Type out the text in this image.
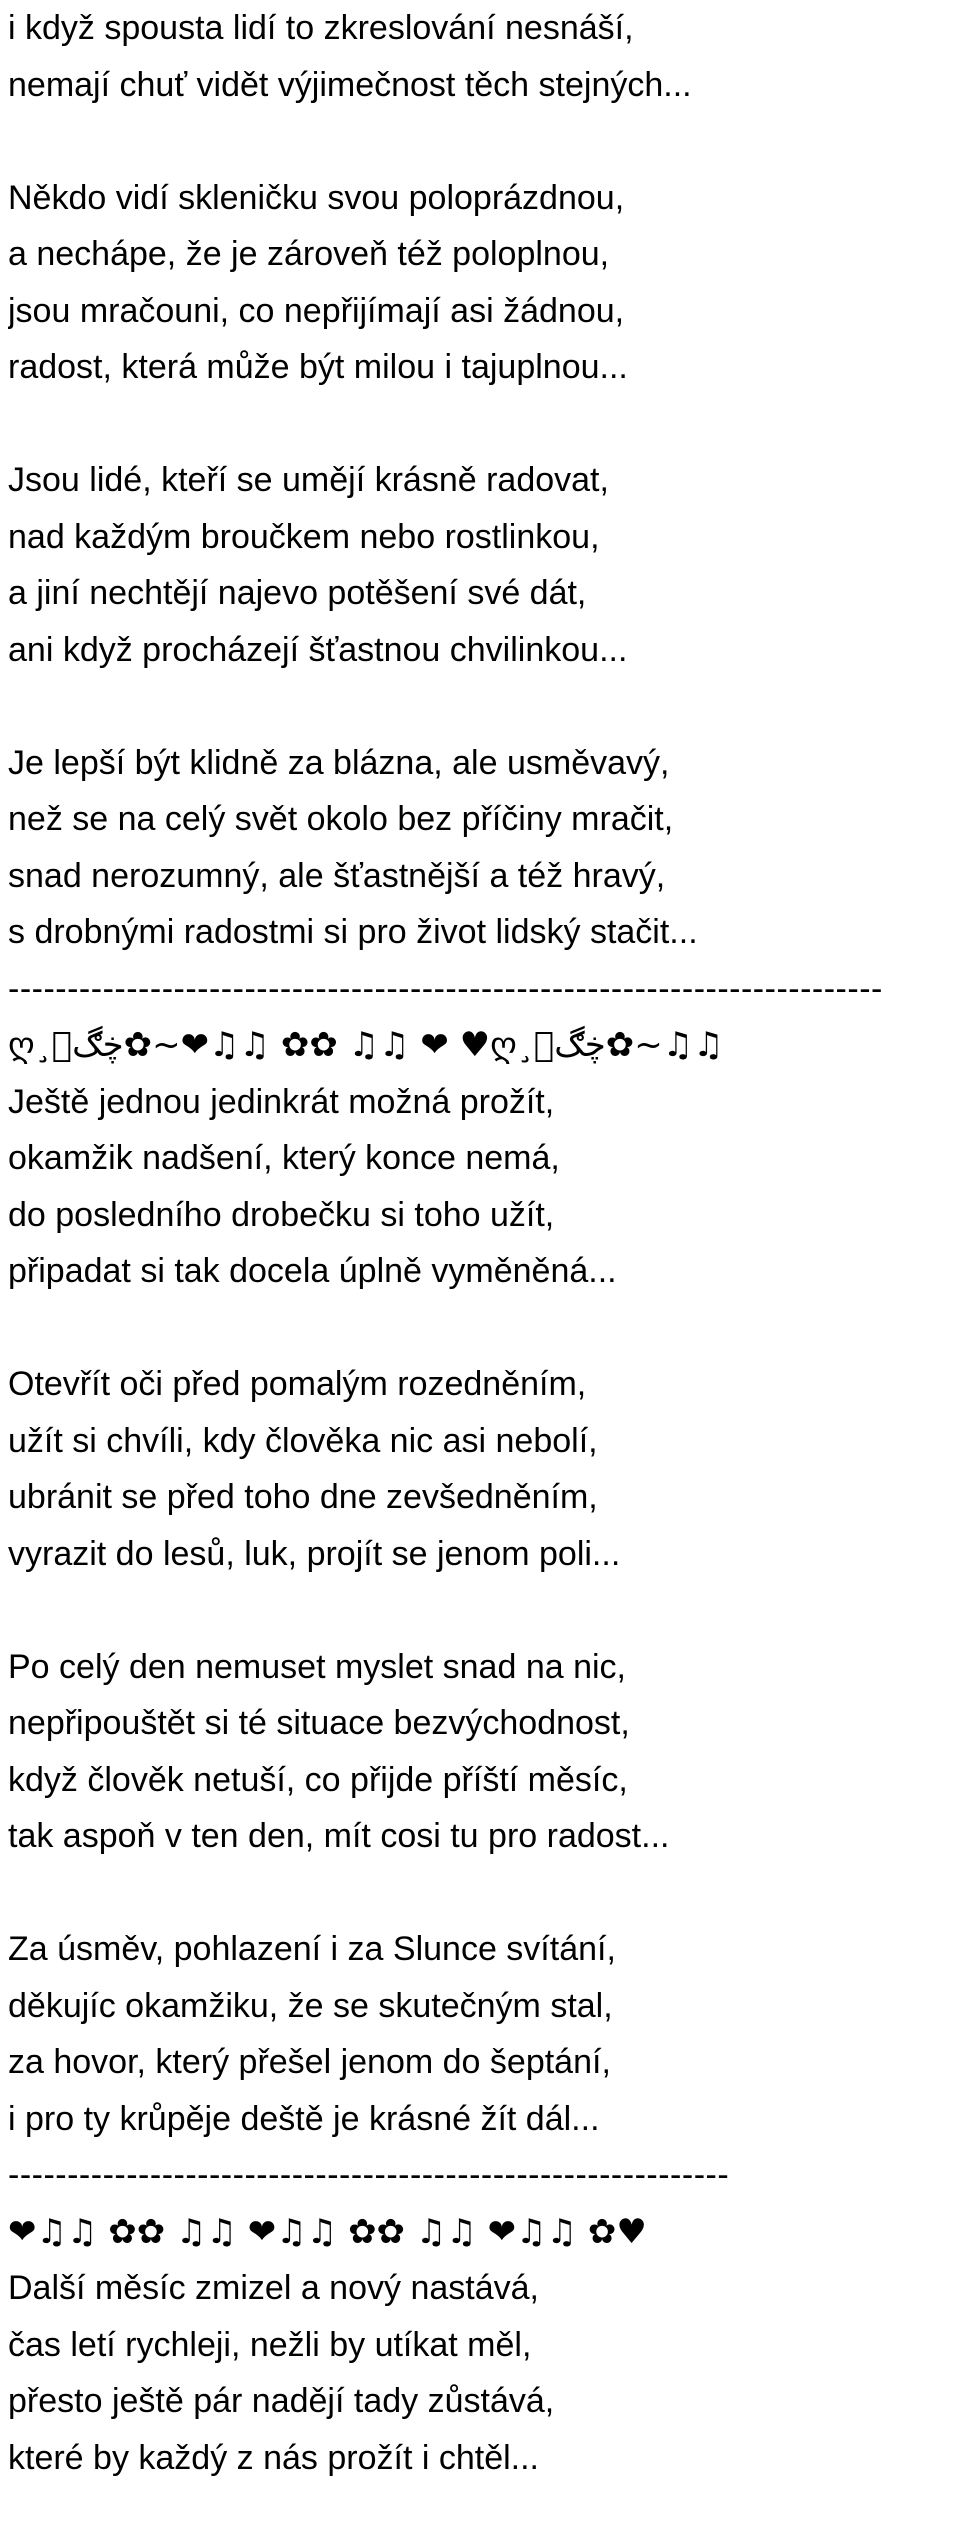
i když spousta lidí to zkreslování nesnáší,
nemají chuť vidět výjimečnost těch stejných...
Někdo vidí skleničku svou poloprázdnou,
a nechápe, že je zároveň též poloplnou,
jsou mračouni, co nepřijímají asi žádnou,
radost, která může být milou i tajuplnou...
Jsou lidé, kteří se umějí krásně radovat,
nad každým broučkem nebo rostlinkou,
a jiní nechtějí najevo potěšení své dát,
ani když procházejí šťastnou chvilinkou...
Je lepší být klidně za blázna, ale usměvavý,
než se na celý svět okolo bez příčiny mračit,
snad nerozumný, ale šťastnější a též hravý,
s drobnými radostmi si pro život lidský stačit...
--------------------------------------------------------------------------
ღ¸ڿڰۣ✿~❤♫♫ ✿✿ ♫♫ ❤ ♥ღ¸ڿڰۣ✿~♫♫
Ještě jednou jedinkrát možná prožít,
okamžik nadšení, který konce nemá,
do posledního drobečku si toho užít,
připadat si tak docela úplně vyměněná...
Otevřít oči před pomalým rozedněním,
užít si chvíli, kdy člověka nic asi nebolí,
ubránit se před toho dne zevšedněním,
vyrazit do lesů, luk, projít se jenom poli...
Po celý den nemuset myslet snad na nic,
nepřipouštět si té situace bezvýchodnost,
když člověk netuší, co přijde příští měsíc,
tak aspoň v ten den, mít cosi tu pro radost...
Za úsměv, pohlazení i za Slunce svítání,
děkujíc okamžiku, že se skutečným stal,
za hovor, který přešel jenom do šeptání,
i pro ty krůpěje deště je krásné žít dál...
-------------------------------------------------------------
❤♫♫ ✿✿ ♫♫ ❤♫♫ ✿✿ ♫♫ ❤♫♫ ✿♥
Další měsíc zmizel a nový nastává,
čas letí rychleji, nežli by utíkat měl,
přesto ještě pár nadějí tady zůstává,
které by každý z nás prožít i chtěl...
